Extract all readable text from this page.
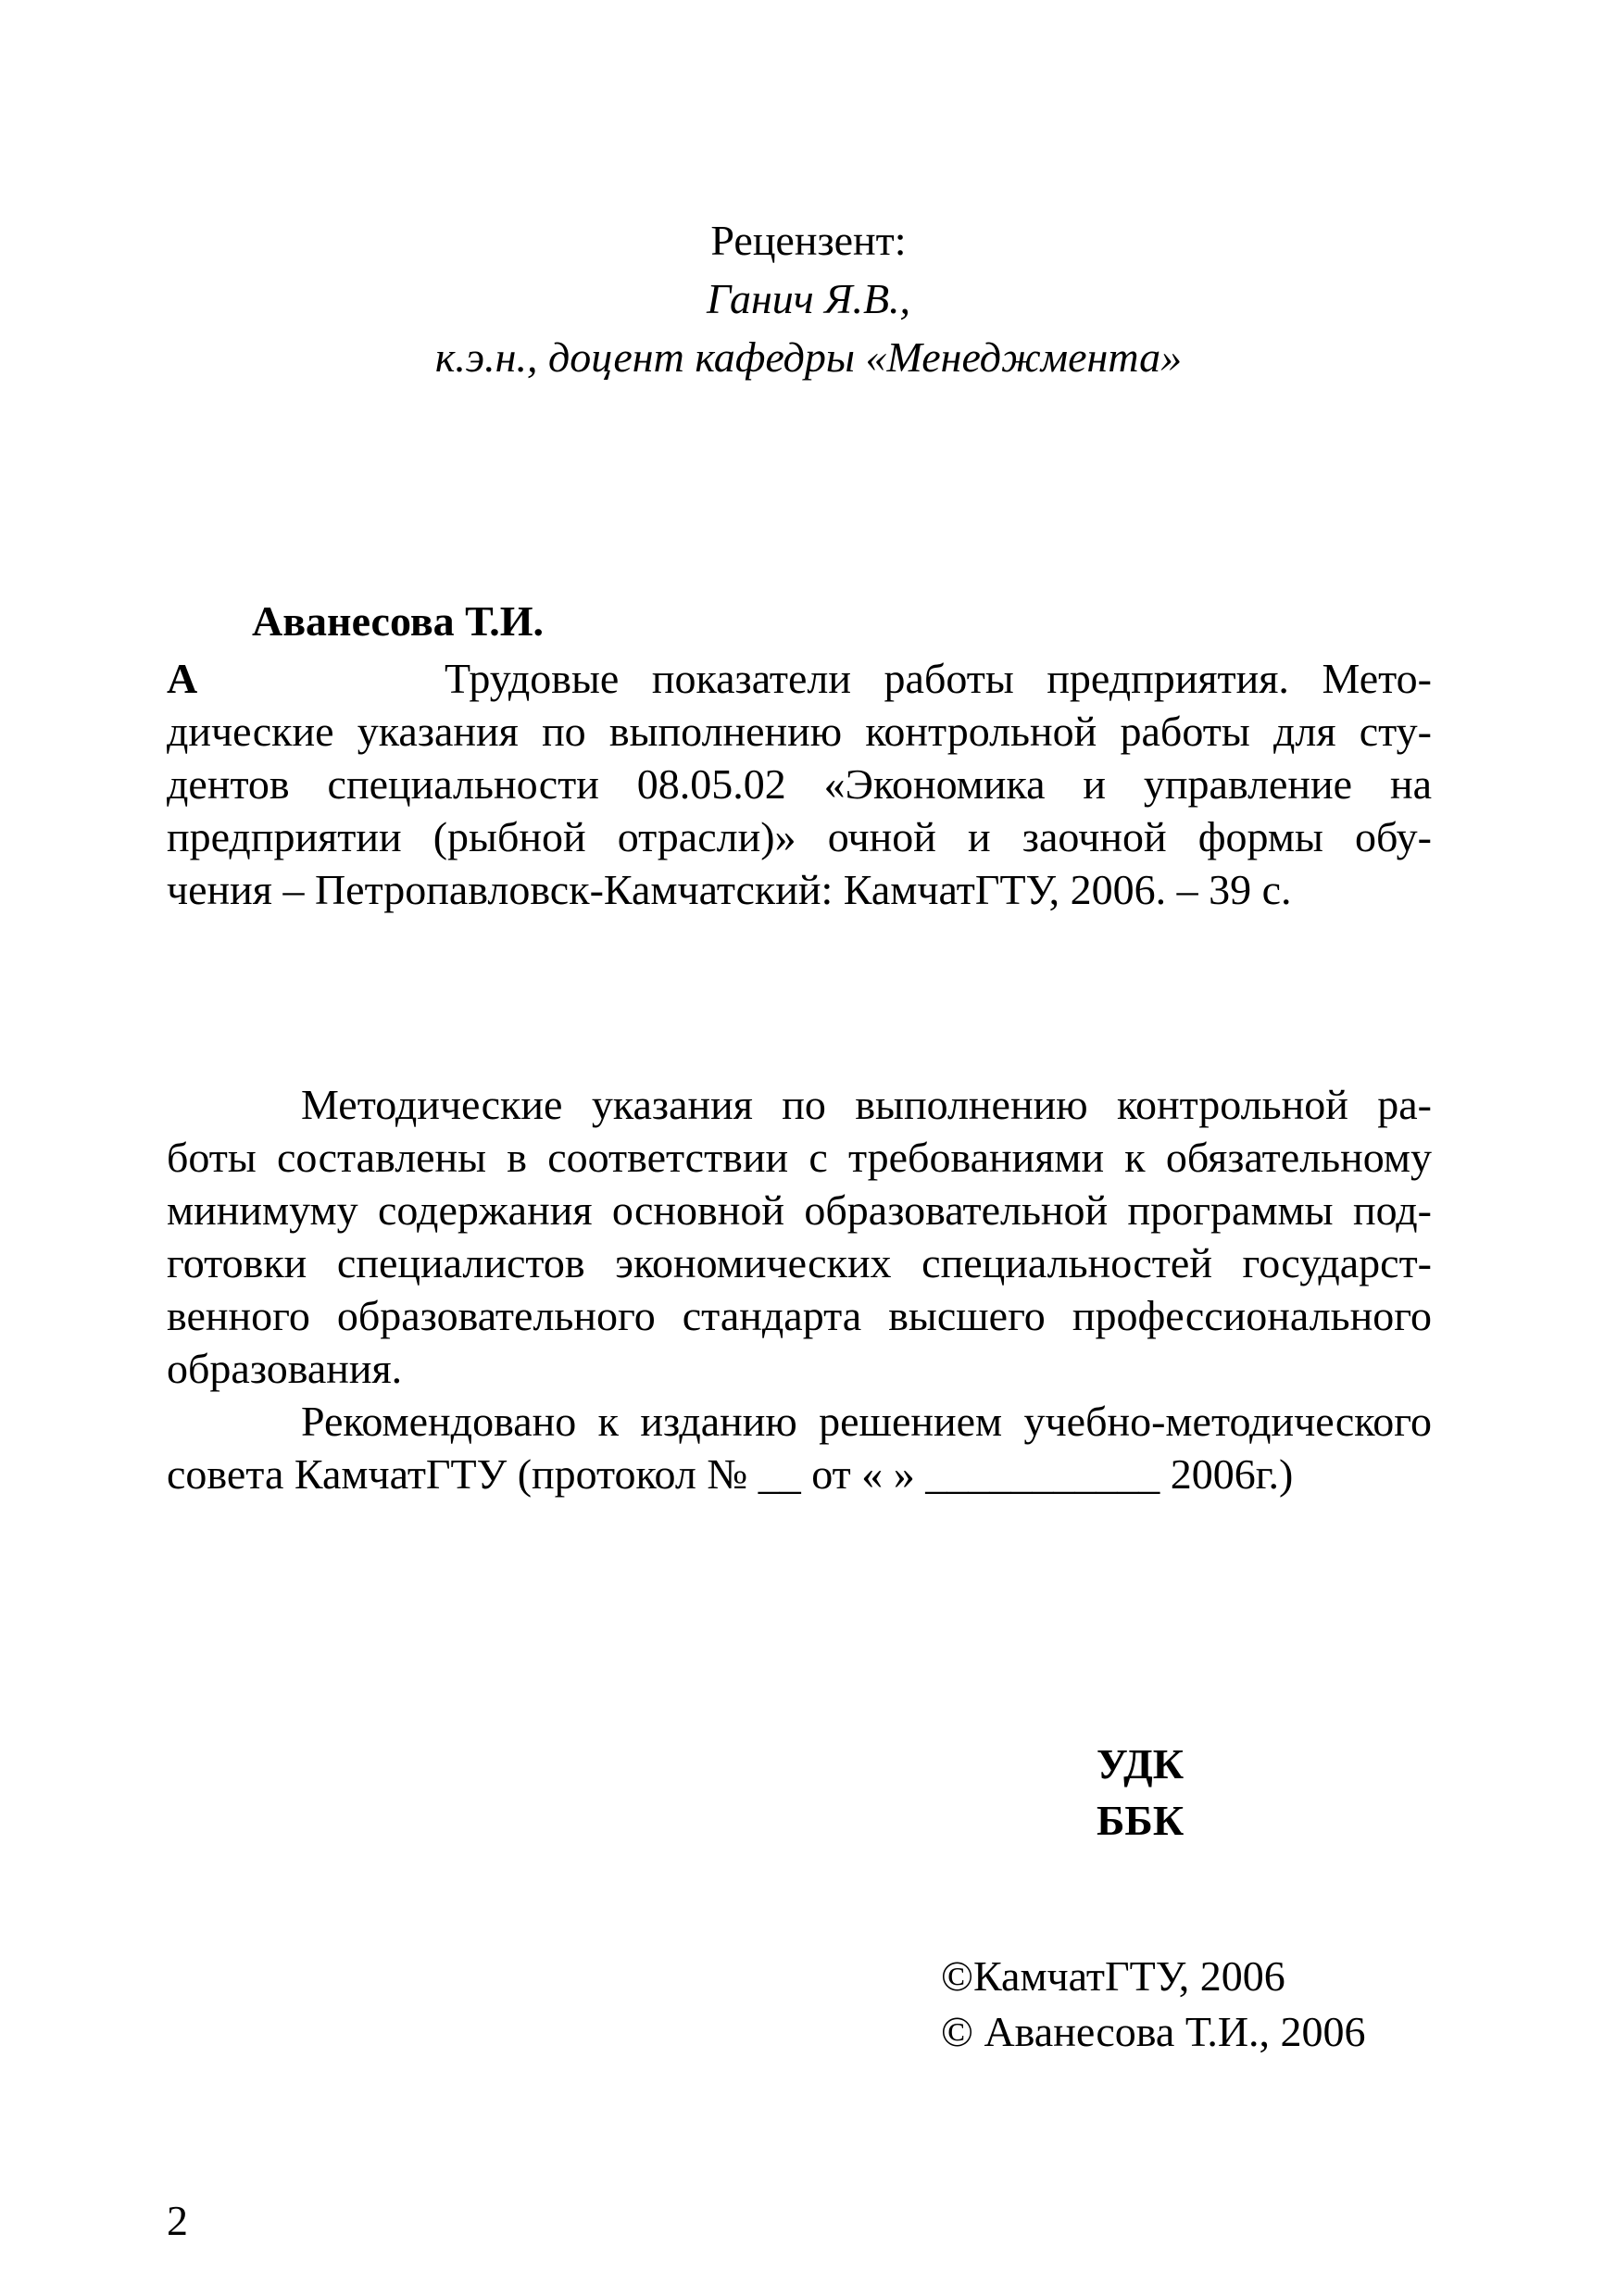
Рецензент:
Ганич Я.В.,
к.э.н., доцент кафедры «Менеджмента»
Аванесова Т.И.
А	Трудовые показатели работы предприятия. Мето-
дические указания по выполнению контрольной работы для сту-
дентов специальности 08.05.02 «Экономика и управление на
предприятии (рыбной отрасли)» очной и заочной формы обу-
чения – Петропавловск-Камчатский: КамчатГТУ, 2006. – 39 с.
Методические указания по выполнению контрольной ра-
боты составлены в соответствии с требованиями к обязательному
минимуму содержания основной образовательной программы под-
готовки специалистов экономических специальностей государст-
венного образовательного стандарта высшего профессионального
образования.
Рекомендовано к изданию решением учебно-методического
совета КамчатГТУ (протокол № __ от « » ___________ 2006г.)
УДК
ББК
©КамчатГТУ, 2006
© Аванесова Т.И., 2006
2
